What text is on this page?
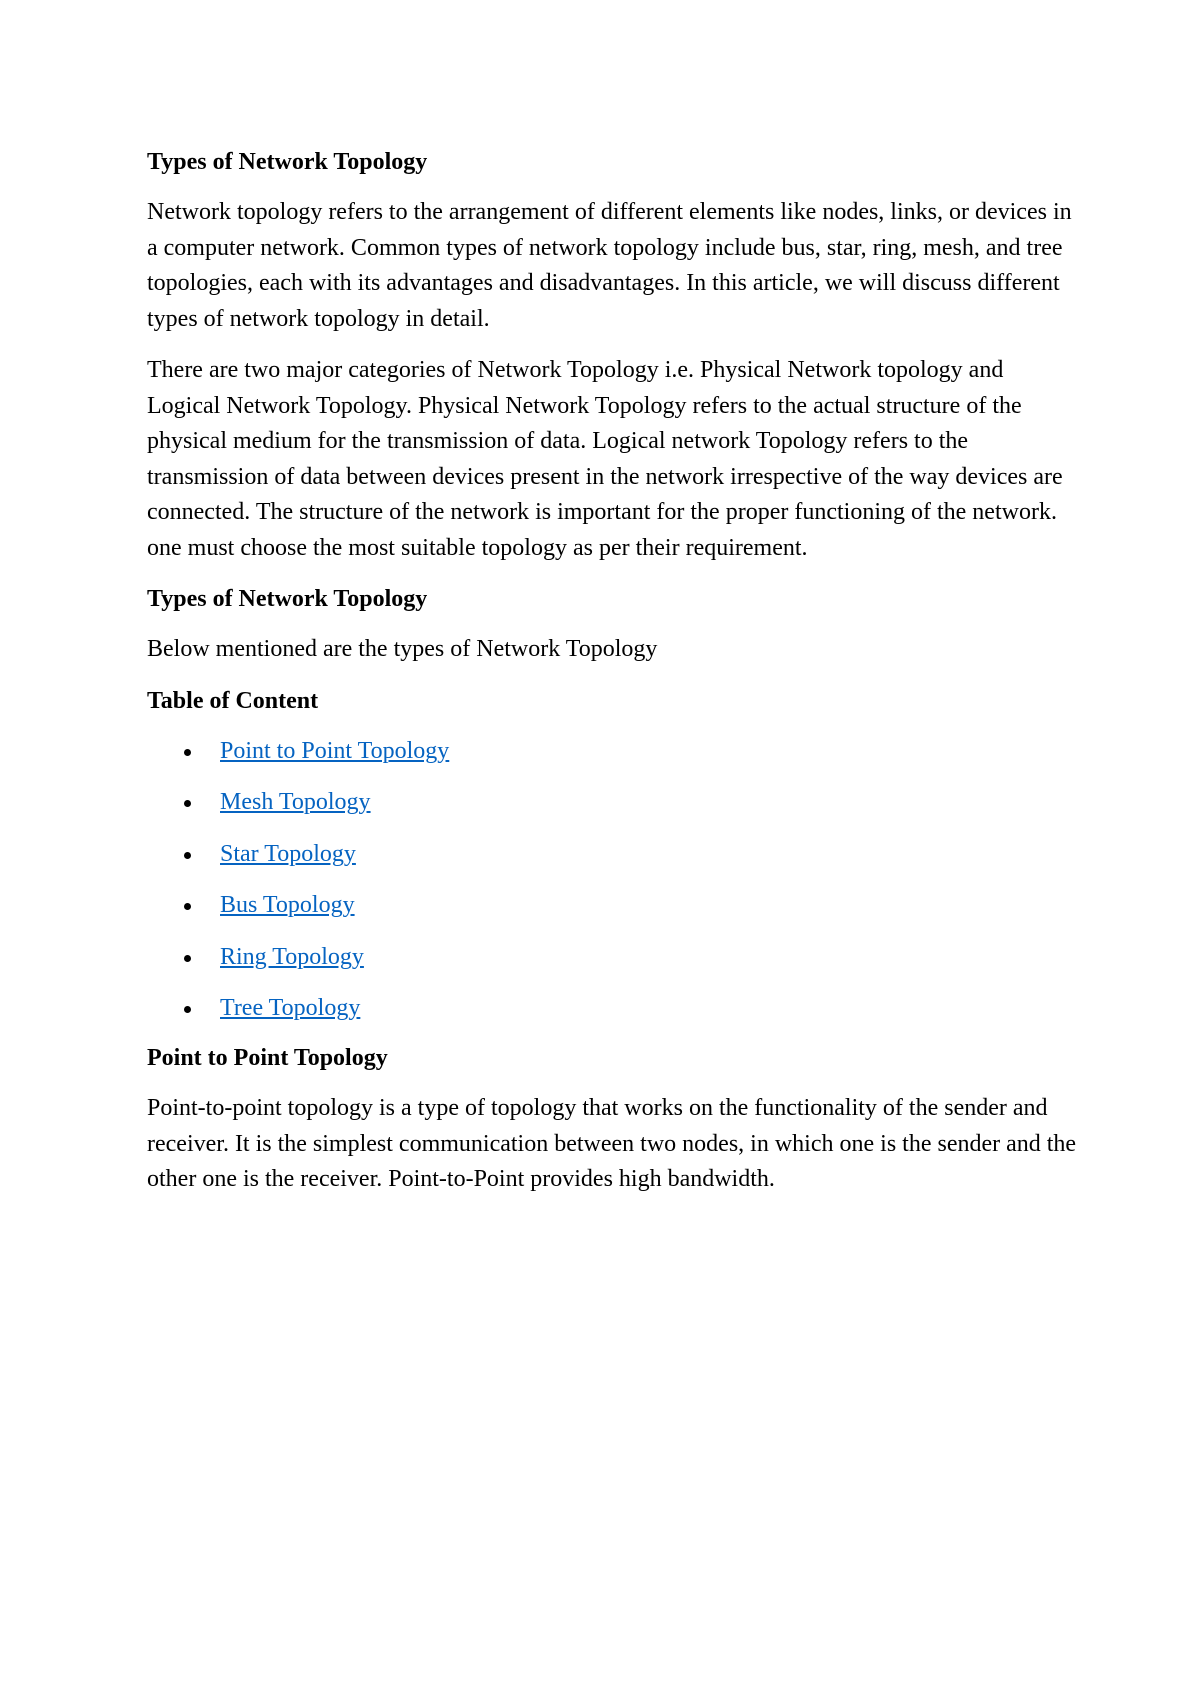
Types of Network Topology
Network topology refers to the arrangement of different elements like nodes, links, or devices in a computer network. Common types of network topology include bus, star, ring, mesh, and tree topologies, each with its advantages and disadvantages. In this article, we will discuss different types of network topology in detail.
There are two major categories of Network Topology i.e. Physical Network topology and Logical Network Topology. Physical Network Topology refers to the actual structure of the physical medium for the transmission of data. Logical network Topology refers to the transmission of data between devices present in the network irrespective of the way devices are connected. The structure of the network is important for the proper functioning of the network. one must choose the most suitable topology as per their requirement.
Types of Network Topology
Below mentioned are the types of Network Topology
Table of Content
Point to Point Topology
Mesh Topology
Star Topology
Bus Topology
Ring Topology
Tree Topology
Point to Point Topology
Point-to-point topology is a type of topology that works on the functionality of the sender and receiver. It is the simplest communication between two nodes, in which one is the sender and the other one is the receiver. Point-to-Point provides high bandwidth.
